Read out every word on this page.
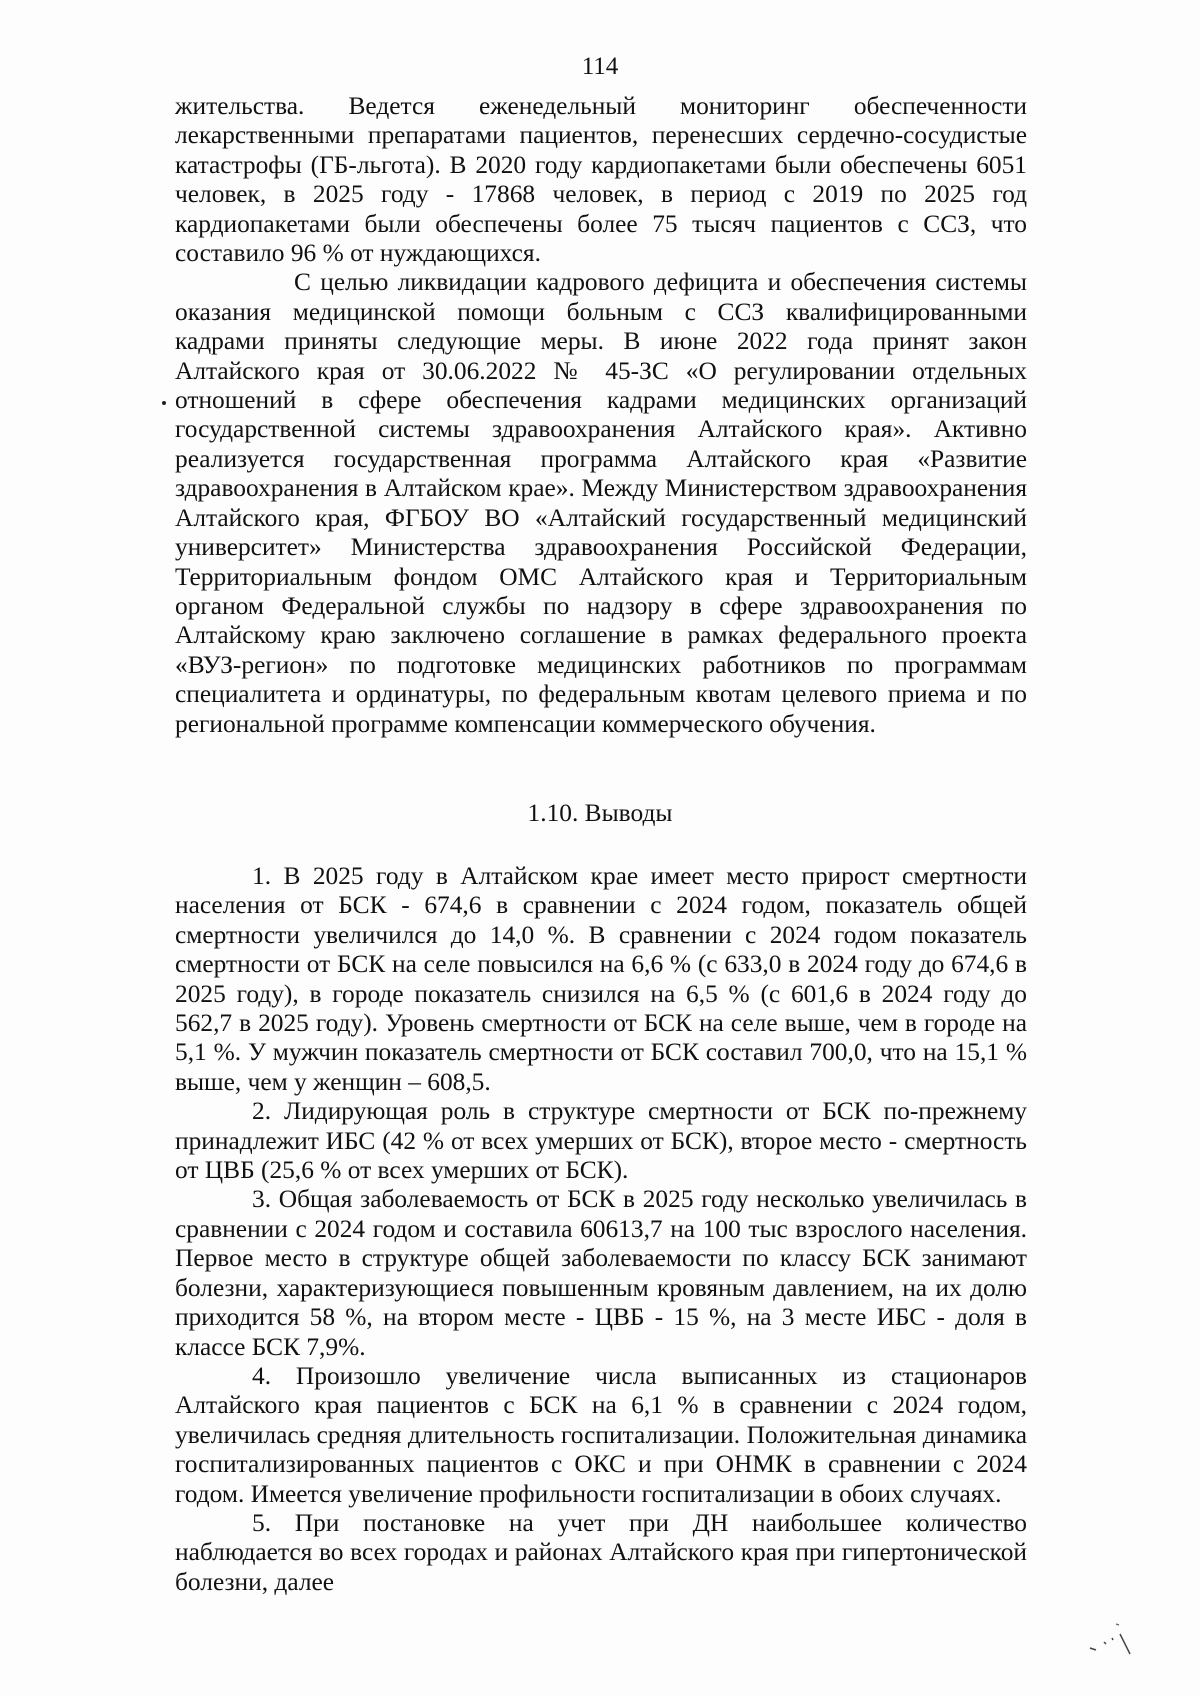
114

жительства. Ведется еженедельный мониторинг обеспеченности лекарственными препаратами пациентов, перенесших сердечно-сосудистые катастрофы (ГБ-льгота). В 2020 году кардиопакетами были обеспечены 6051 человек, в 2025 году - 17868 человек, в период с 2019 по 2025 год кардиопакетами были обеспечены более 75 тысяч пациентов с ССЗ, что составило 96 % от нуждающихся.

С целью ликвидации кадрового дефицита и обеспечения системы оказания медицинской помощи больным с ССЗ квалифицированными кадрами приняты следующие меры. В июне 2022 года принят закон Алтайского края от 30.06.2022 № 45-ЗС «О регулировании отдельных отношений в сфере обеспечения кадрами медицинских организаций государственной системы здравоохранения Алтайского края». Активно реализуется государственная программа Алтайского края «Развитие здравоохранения в Алтайском крае». Между Министерством здравоохранения Алтайского края, ФГБОУ ВО «Алтайский государственный медицинский университет» Министерства здравоохранения Российской Федерации, Территориальным фондом ОМС Алтайского края и Территориальным органом Федеральной службы по надзору в сфере здравоохранения по Алтайскому краю заключено соглашение в рамках федерального проекта «ВУЗ-регион» по подготовке медицинских работников по программам специалитета и ординатуры, по федеральным квотам целевого приема и по региональной программе компенсации коммерческого обучения.

1.10. Выводы

1. В 2025 году в Алтайском крае имеет место прирост смертности населения от БСК - 674,6 в сравнении с 2024 годом, показатель общей смертности увеличился до 14,0 %. В сравнении с 2024 годом показатель смертности от БСК на селе повысился на 6,6 % (с 633,0 в 2024 году до 674,6 в 2025 году), в городе показатель снизился на 6,5 % (с 601,6 в 2024 году до 562,7 в 2025 году). Уровень смертности от БСК на селе выше, чем в городе на 5,1 %. У мужчин показатель смертности от БСК составил 700,0, что на 15,1 % выше, чем у женщин – 608,5.

2. Лидирующая роль в структуре смертности от БСК по-прежнему принадлежит ИБС (42 % от всех умерших от БСК), второе место - смертность от ЦВБ (25,6 % от всех умерших от БСК).

3. Общая заболеваемость от БСК в 2025 году несколько увеличилась в сравнении с 2024 годом и составила 60613,7 на 100 тыс взрослого населения. Первое место в структуре общей заболеваемости по классу БСК занимают болезни, характеризующиеся повышенным кровяным давлением, на их долю приходится 58 %, на втором месте - ЦВБ - 15 %, на 3 месте ИБС - доля в классе БСК 7,9%.

4. Произошло увеличение числа выписанных из стационаров Алтайского края пациентов с БСК на 6,1 % в сравнении с 2024 годом, увеличилась средняя длительность госпитализации. Положительная динамика госпитализированных пациентов с ОКС и при ОНМК в сравнении с 2024 годом. Имеется увеличение профильности госпитализации в обоих случаях.

5. При постановке на учет при ДН наибольшее количество наблюдается во всех городах и районах Алтайского края при гипертонической болезни, далее
